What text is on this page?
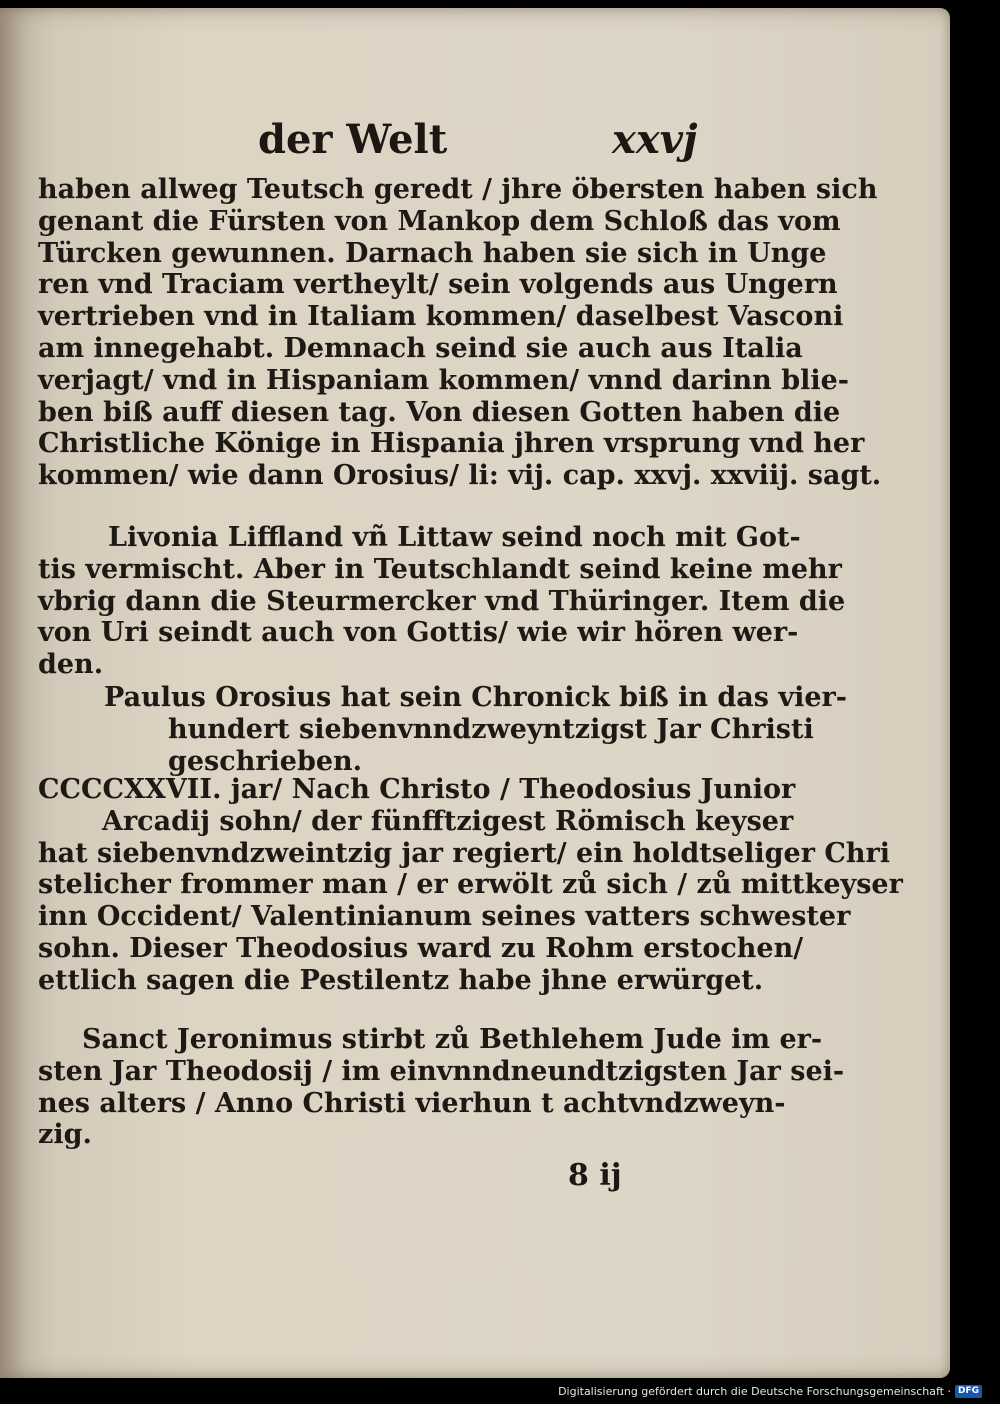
der Welt	xxvj
haben allweg Teutsch geredt / jhre öbersten haben sich
genant die Fürsten von Mankop dem Schloß das vom
Türcken gewunnen. Darnach haben sie sich in Unge
ren vnd Traciam vertheylt/ sein volgends aus Ungern
vertrieben vnd in Italiam kommen/ daselbest Vasconi
am innegehabt. Demnach seind sie auch aus Italia
verjagt/ vnd in Hispaniam kommen/ vnnd darinn blie-
ben biß auff diesen tag. Von diesen Gotten haben die
Christliche Könige in Hispania jhren vrsprung vnd her
kommen/ wie dann Orosius/ li: vij. cap. xxvj. xxviij. sagt.
Livonia Liffland vñ Littaw seind noch mit Got-
tis vermischt. Aber in Teutschlandt seind keine mehr
vbrig dann die Steurmercker vnd Thüringer. Item die
von Uri seindt auch von Gottis/ wie wir hören wer-
den.
Paulus Orosius hat sein Chronick biß in das vier-
hundert siebenvnndzweyntzigst Jar Christi
geschrieben.
CCCCXXVII. jar/ Nach Christo / Theodosius Junior
Arcadij sohn/ der fünfftzigest Römisch keyser
hat siebenvndzweintzig jar regiert/ ein holdtseliger Chri
stelicher frommer man / er erwölt zů sich / zů mittkeyser
inn Occident/ Valentinianum seines vatters schwester
sohn. Dieser Theodosius ward zu Rohm erstochen/
ettlich sagen die Pestilentz habe jhne erwürget.
Sanct Jeronimus stirbt zů Bethlehem Jude im er-
sten Jar Theodosij / im einvnndneundtzigsten Jar sei-
nes alters / Anno Christi vierhun t achtvndzweyn-
zig.
8 ij
Digitalisierung gefördert durch die Deutsche Forschungsgemeinschaft · DFG
